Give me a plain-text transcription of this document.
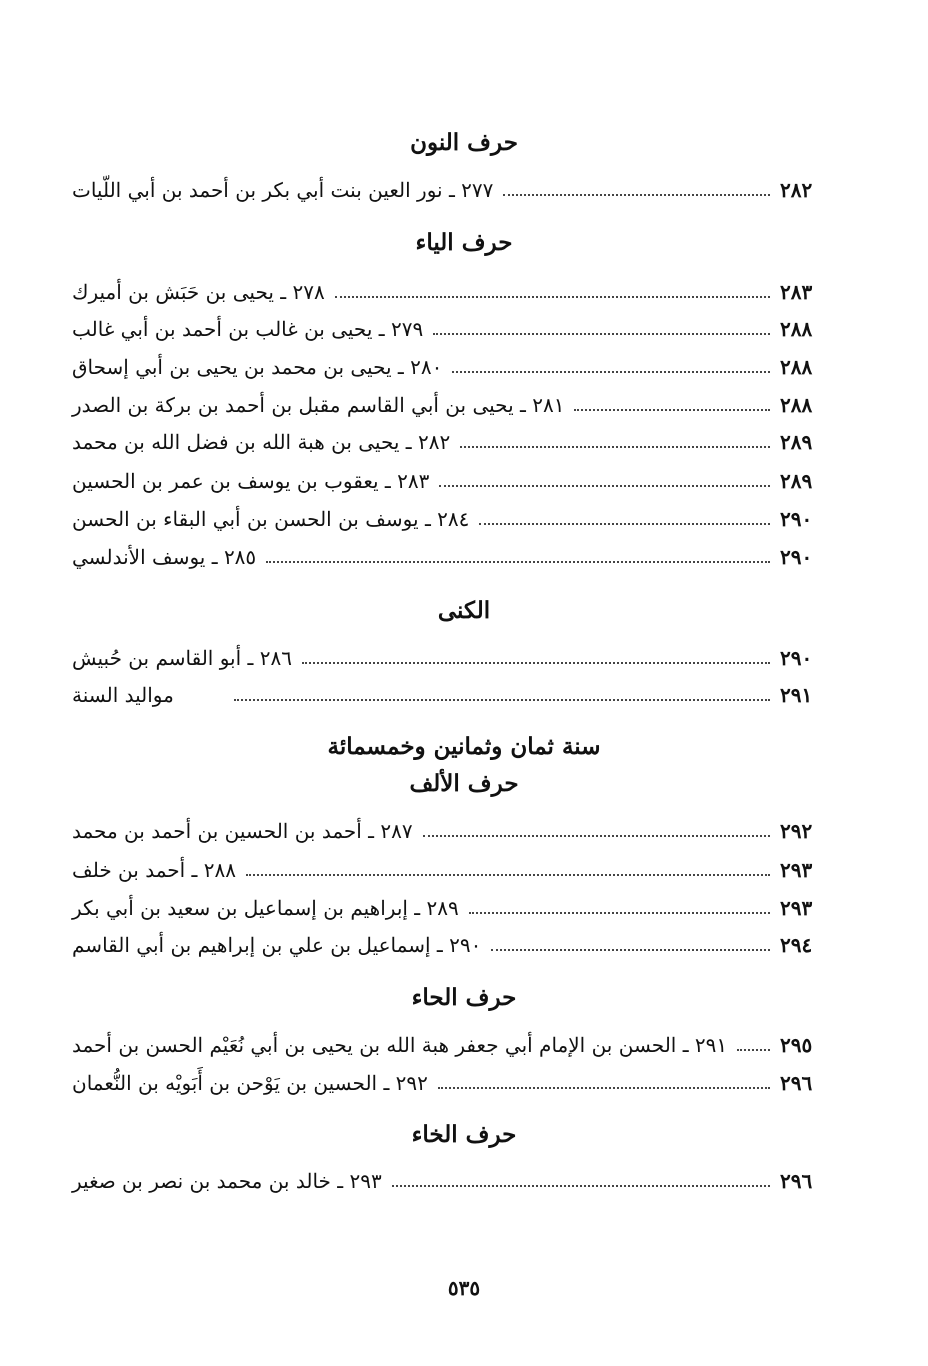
حرف النون
٢٧٧ ـ نور العين بنت أبي بكر بن أحمد بن أبي اللّيات	٢٨٢
حرف الياء
٢٧٨ ـ يحيى بن حَبَش بن أميرك	٢٨٣
٢٧٩ ـ يحيى بن غالب بن أحمد بن أبي غالب	٢٨٨
٢٨٠ ـ يحيى بن محمد بن يحيى بن أبي إسحاق	٢٨٨
٢٨١ ـ يحيى بن أبي القاسم مقبل بن أحمد بن بركة بن الصدر	٢٨٨
٢٨٢ ـ يحيى بن هبة الله بن فضل الله بن محمد	٢٨٩
٢٨٣ ـ يعقوب بن يوسف بن عمر بن الحسين	٢٨٩
٢٨٤ ـ يوسف بن الحسن بن أبي البقاء بن الحسن	٢٩٠
٢٨٥ ـ يوسف الأندلسي	٢٩٠
الكنى
٢٨٦ ـ أبو القاسم بن حُبيش	٢٩٠
مواليد السنة	٢٩١
سنة ثمان وثمانين وخمسمائة
حرف الألف
٢٨٧ ـ أحمد بن الحسين بن أحمد بن محمد	٢٩٢
٢٨٨ ـ أحمد بن خلف	٢٩٣
٢٨٩ ـ إبراهيم بن إسماعيل بن سعيد بن أبي بكر	٢٩٣
٢٩٠ ـ إسماعيل بن علي بن إبراهيم بن أبي القاسم	٢٩٤
حرف الحاء
٢٩١ ـ الحسن بن الإمام أبي جعفر هبة الله بن يحيى بن أبي نُعَيْم الحسن بن أحمد	٢٩٥
٢٩٢ ـ الحسين بن يَوْحن بن أَبَويْه بن النُّعمان	٢٩٦
حرف الخاء
٢٩٣ ـ خالد بن محمد بن نصر بن صغير	٢٩٦
٥٣٥
